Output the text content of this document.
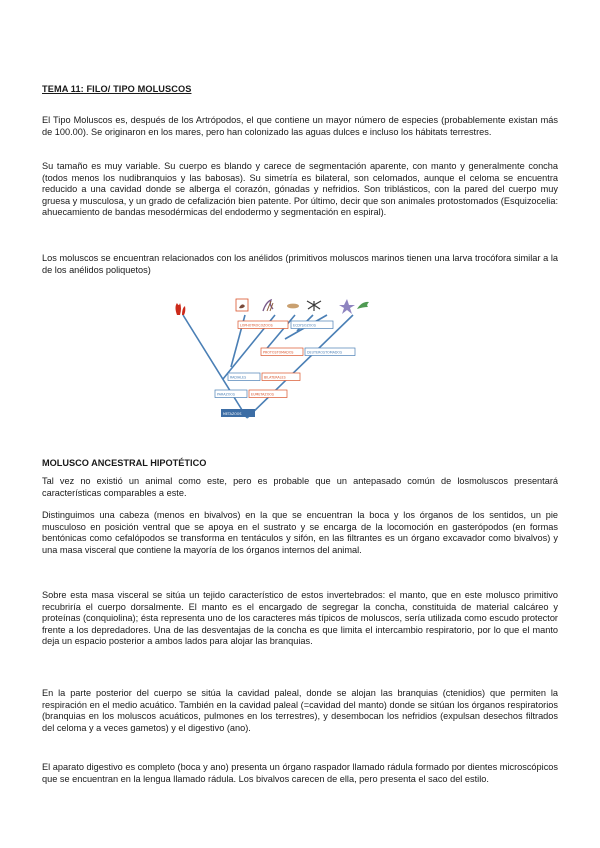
TEMA 11: FILO/ TIPO MOLUSCOS

El Tipo Moluscos es, después de los Artrópodos, el que contiene un mayor número de especies (probablemente existan más de 100.00). Se originaron en los mares, pero han colonizado las aguas dulces e incluso los hábitats terrestres.

Su tamaño es muy variable. Su cuerpo es blando y carece de segmentación aparente, con manto y generalmente concha (todos menos los nudibranquios y las babosas). Su simetría es bilateral, son celomados, aunque el celoma se encuentra reducido a una cavidad donde se alberga el corazón, gónadas y nefridios. Son triblásticos, con la pared del cuerpo muy gruesa y musculosa, y un grado de cefalización bien patente. Por último, decir que son animales protostomados (Esquizocelia: ahuecamiento de bandas mesodérmicas del endodermo y segmentación en espiral).

Los moluscos se encuentran relacionados con los anélidos (primitivos moluscos marinos tienen una larva trocófora similar a la de los anélidos poliquetos)

LOPHOTROCOZOOS	ECDYSOZOOS
PROTOSTOMADOS	DEUTEROSTOMADOS
RADIALES	BILATERALES
PARAZOOS	EUMETAZOOS
METAZOOS
MOLUSCO ANCESTRAL HIPOTÉTICO

Tal vez no existió un animal como este, pero es probable que un antepasado común de losmoluscos presentará características comparables a este.

Distinguimos una cabeza (menos en bivalvos) en la que se encuentran la boca y los órganos de los sentidos, un pie musculoso en posición ventral que se apoya en el sustrato y se encarga de la locomoción en gasterópodos (en formas bentónicas como cefalópodos se transforma en tentáculos y sifón, en las filtrantes es un órgano excavador como bivalvos) y una masa visceral que contiene la mayoría de los órganos internos del animal.

Sobre esta masa visceral se sitúa un tejido característico de estos invertebrados: el manto, que en este molusco primitivo recubriría el cuerpo dorsalmente. El manto es el encargado de segregar la concha, constituida de material calcáreo y proteínas (conquiolina); ésta representa uno de los caracteres más típicos de moluscos, sería utilizada como escudo protector frente a los depredadores. Una de las desventajas de la concha es que limita el intercambio respiratorio, por lo que el manto deja un espacio posterior a ambos lados para alojar las branquias.

En la parte posterior del cuerpo se sitúa la cavidad paleal, donde se alojan las branquias (ctenidios) que permiten la respiración en el medio acuático. También en la cavidad paleal (=cavidad del manto) donde se sitúan los órganos respiratorios (branquias en los moluscos acuáticos, pulmones en los terrestres), y desembocan los nefridios (expulsan desechos filtrados del celoma y a veces gametos) y el digestivo (ano).

El aparato digestivo es completo (boca y ano) presenta un órgano raspador llamado rádula formado por dientes microscópicos que se encuentran en la lengua llamado rádula. Los bivalvos carecen de ella, pero presenta el saco del estilo.
